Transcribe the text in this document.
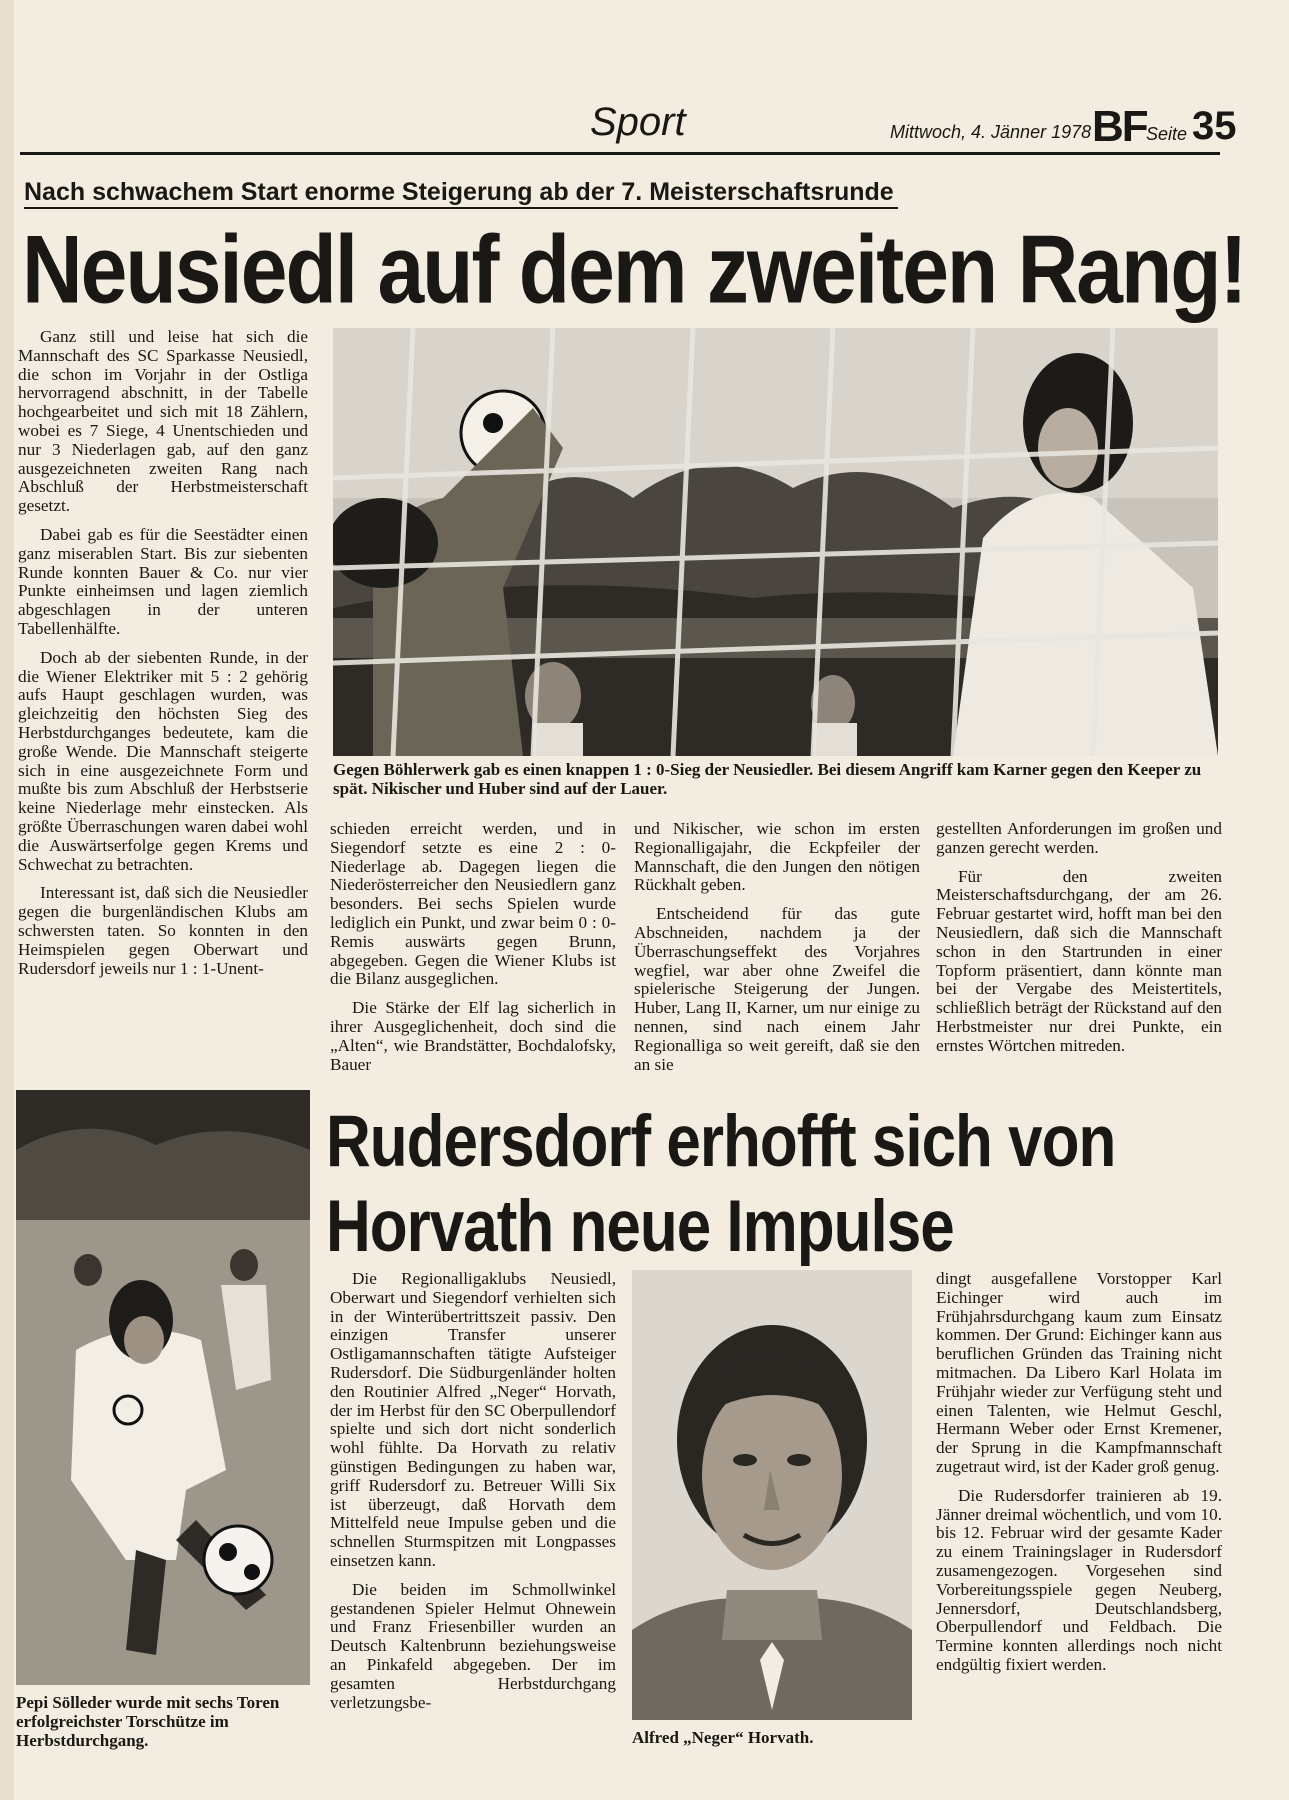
Sport	Mittwoch, 4. Jänner 1978 BF Seite 35
Nach schwachem Start enorme Steigerung ab der 7. Meisterschaftsrunde
Neusiedl auf dem zweiten Rang!

Ganz still und leise hat sich die Mannschaft des SC Sparkasse Neusiedl, die schon im Vorjahr in der Ostliga hervorragend abschnitt, in der Tabelle hochgearbeitet und sich mit 18 Zählern, wobei es 7 Siege, 4 Unentschieden und nur 3 Niederlagen gab, auf den ganz ausgezeichneten zweiten Rang nach Abschluß der Herbstmeisterschaft gesetzt.

Dabei gab es für die Seestädter einen ganz miserablen Start. Bis zur siebenten Runde konnten Bauer & Co. nur vier Punkte einheimsen und lagen ziemlich abgeschlagen in der unteren Tabellenhälfte.

Doch ab der siebenten Runde, in der die Wiener Elektriker mit 5 : 2 gehörig aufs Haupt geschlagen wurden, was gleichzeitig den höchsten Sieg des Herbstdurchganges bedeutete, kam die große Wende. Die Mannschaft steigerte sich in eine ausgezeichnete Form und mußte bis zum Abschluß der Herbstserie keine Niederlage mehr einstecken. Als größte Überraschungen waren dabei wohl die Auswärtserfolge gegen Krems und Schwechat zu betrachten.

Interessant ist, daß sich die Neusiedler gegen die burgenländischen Klubs am schwersten taten. So konnten in den Heimspielen gegen Oberwart und Rudersdorf jeweils nur 1 : 1-Unent-

Gegen Böhlerwerk gab es einen knappen 1 : 0-Sieg der Neusiedler. Bei diesem Angriff kam Karner gegen den Keeper zu spät. Nikischer und Huber sind auf der Lauer.

schieden erreicht werden, und in Siegendorf setzte es eine 2 : 0-Niederlage ab. Dagegen liegen die Niederösterreicher den Neusiedlern ganz besonders. Bei sechs Spielen wurde lediglich ein Punkt, und zwar beim 0 : 0-Remis auswärts gegen Brunn, abgegeben. Gegen die Wiener Klubs ist die Bilanz ausgeglichen.

Die Stärke der Elf lag sicherlich in ihrer Ausgeglichenheit, doch sind die „Alten“, wie Brandstätter, Bochdalofsky, Bauer

und Nikischer, wie schon im ersten Regionalligajahr, die Eckpfeiler der Mannschaft, die den Jungen den nötigen Rückhalt geben.

Entscheidend für das gute Abschneiden, nachdem ja der Überraschungseffekt des Vorjahres wegfiel, war aber ohne Zweifel die spielerische Steigerung der Jungen. Huber, Lang II, Karner, um nur einige zu nennen, sind nach einem Jahr Regionalliga so weit gereift, daß sie den an sie

gestellten Anforderungen im großen und ganzen gerecht werden.

Für den zweiten Meisterschaftsdurchgang, der am 26. Februar gestartet wird, hofft man bei den Neusiedlern, daß sich die Mannschaft schon in den Startrunden in einer Topform präsentiert, dann könnte man bei der Vergabe des Meistertitels, schließlich beträgt der Rückstand auf den Herbstmeister nur drei Punkte, ein ernstes Wörtchen mitreden.

Pepi Sölleder wurde mit sechs Toren erfolgreichster Torschütze im Herbstdurchgang.
Rudersdorf erhofft sich von Horvath neue Impulse

Die Regionalligaklubs Neusiedl, Oberwart und Siegendorf verhielten sich in der Winterübertrittszeit passiv. Den einzigen Transfer unserer Ostligamannschaften tätigte Aufsteiger Rudersdorf. Die Südburgenländer holten den Routinier Alfred „Neger“ Horvath, der im Herbst für den SC Oberpullendorf spielte und sich dort nicht sonderlich wohl fühlte. Da Horvath zu relativ günstigen Bedingungen zu haben war, griff Rudersdorf zu. Betreuer Willi Six ist überzeugt, daß Horvath dem Mittelfeld neue Impulse geben und die schnellen Sturmspitzen mit Longpasses einsetzen kann.

Die beiden im Schmollwinkel gestandenen Spieler Helmut Ohnewein und Franz Friesenbiller wurden an Deutsch Kaltenbrunn beziehungsweise an Pinkafeld abgegeben. Der im gesamten Herbstdurchgang verletzungsbe-

Alfred „Neger“ Horvath.

dingt ausgefallene Vorstopper Karl Eichinger wird auch im Frühjahrsdurchgang kaum zum Einsatz kommen. Der Grund: Eichinger kann aus beruflichen Gründen das Training nicht mitmachen. Da Libero Karl Holata im Frühjahr wieder zur Verfügung steht und einen Talenten, wie Helmut Geschl, Hermann Weber oder Ernst Kremener, der Sprung in die Kampfmannschaft zugetraut wird, ist der Kader groß genug.

Die Rudersdorfer trainieren ab 19. Jänner dreimal wöchentlich, und vom 10. bis 12. Februar wird der gesamte Kader zu einem Trainingslager in Rudersdorf zusamengezogen. Vorgesehen sind Vorbereitungsspiele gegen Neuberg, Jennersdorf, Deutschlandsberg, Oberpullendorf und Feldbach. Die Termine konnten allerdings noch nicht endgültig fixiert werden.
